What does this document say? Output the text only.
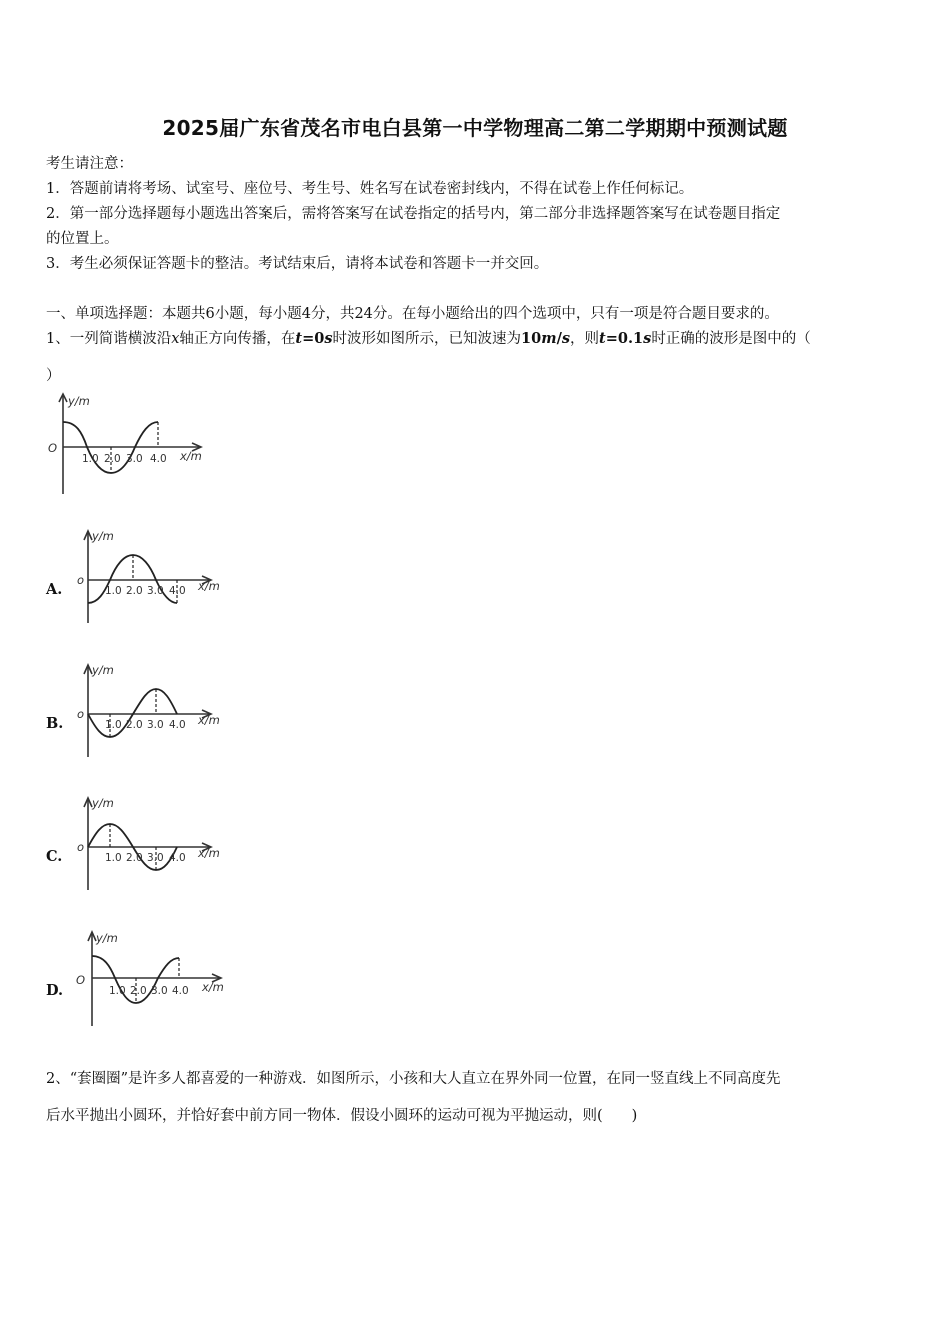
2025届广东省茂名市电白县第一中学物理高二第二学期期中预测试题
考生请注意：
1．答题前请将考场、试室号、座位号、考生号、姓名写在试卷密封线内，不得在试卷上作任何标记。
2．第一部分选择题每小题选出答案后，需将答案写在试卷指定的括号内，第二部分非选择题答案写在试卷题目指定
的位置上。
3．考生必须保证答题卡的整洁。考试结束后，请将本试卷和答题卡一并交回。
一、单项选择题：本题共6小题，每小题4分，共24分。在每小题给出的四个选项中，只有一项是符合题目要求的。
1、一列简谐横波沿x轴正方向传播，在t=0s时波形如图所示，已知波速为10m/s，则t=0.1s时正确的波形是图中的（
）
y/m
x/m
O
1.0 2.0 3.0 4.0
A.
y/m
x/m
o
1.0 2.0 3.0 4.0
B.
y/m
x/m
o
1.0 2.0 3.0 4.0
C.
y/m
x/m
o
1.0 2.0 3.0 4.0
D.
y/m
x/m
O
1.0 2.0 3.0 4.0
2、“套圈圈”是许多人都喜爱的一种游戏．如图所示，小孩和大人直立在界外同一位置，在同一竖直线上不同高度先
后水平抛出小圆环，并恰好套中前方同一物体．假设小圆环的运动可视为平抛运动，则(　　)
